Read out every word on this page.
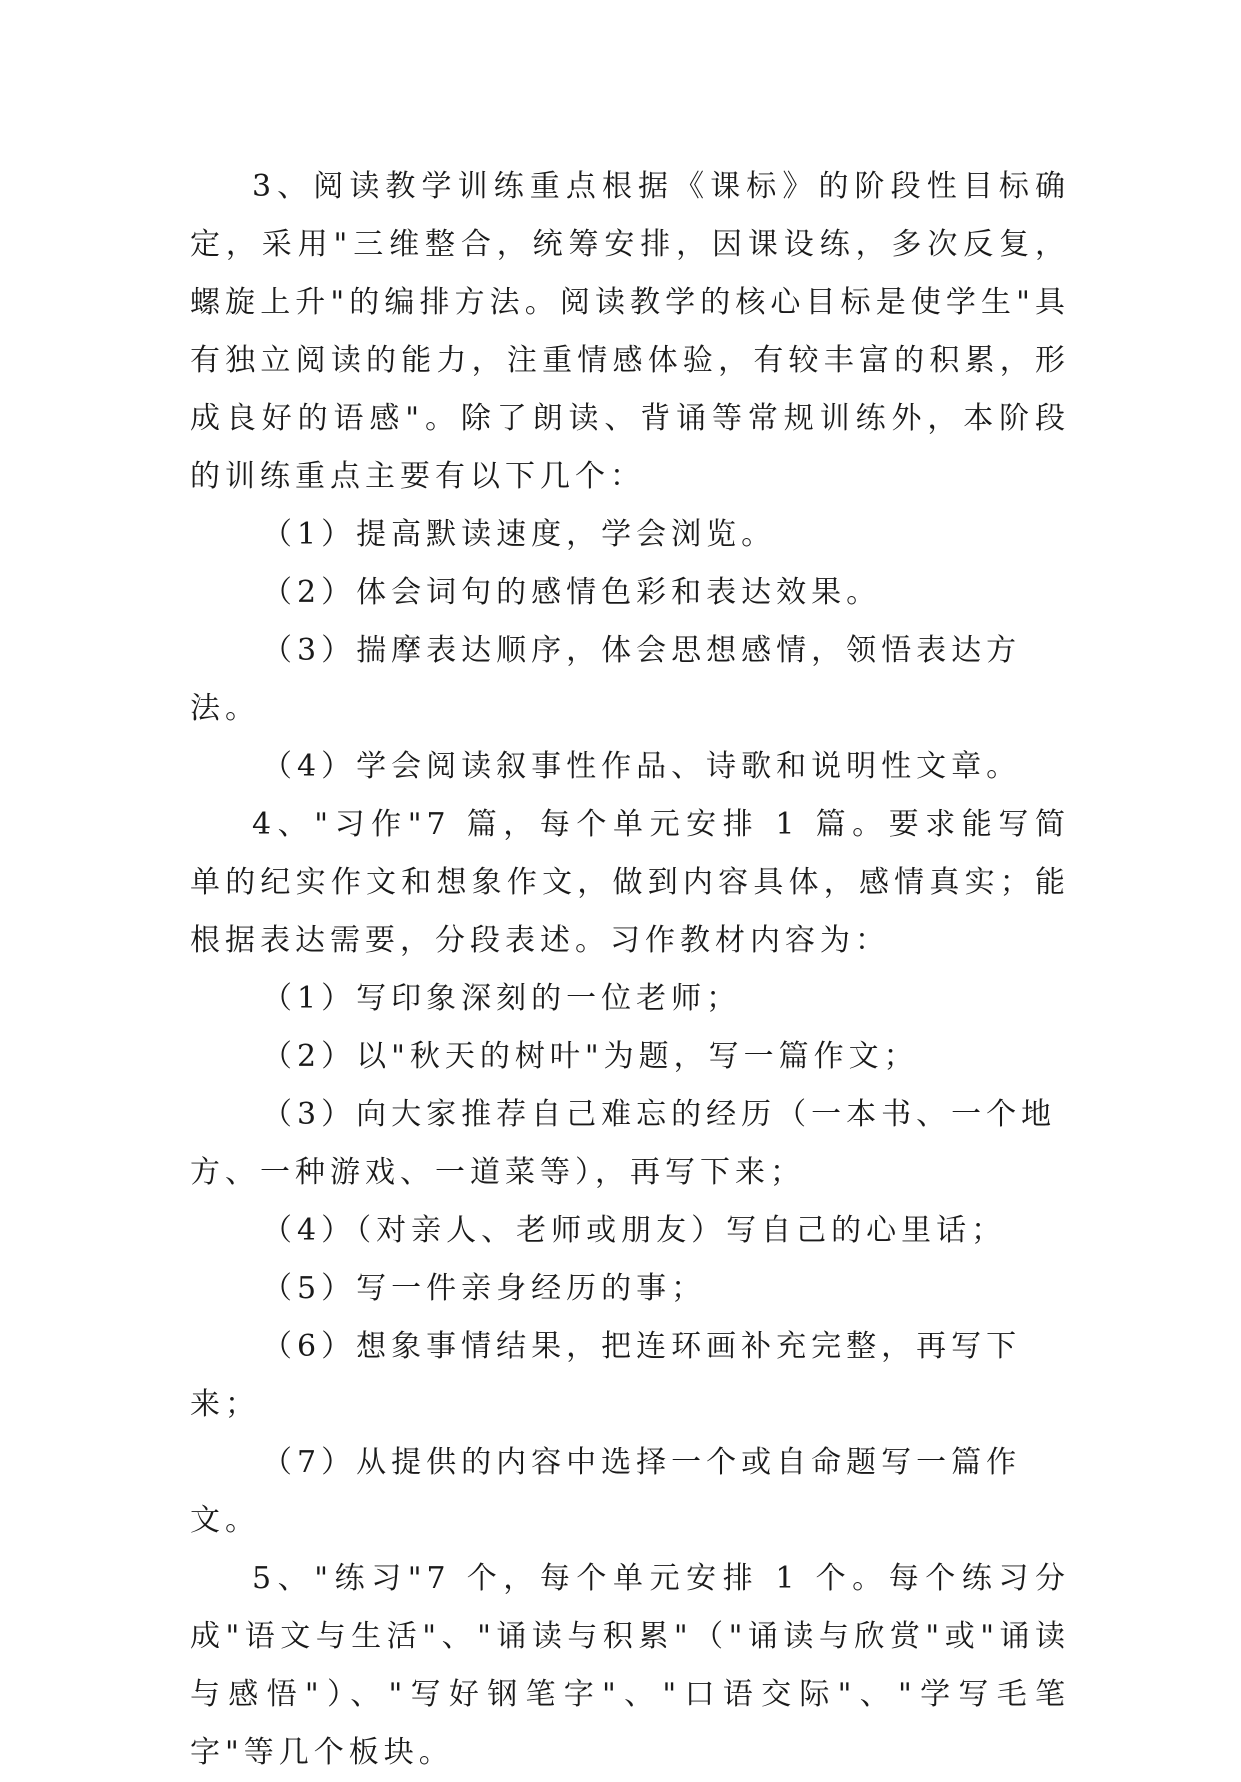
3、阅读教学训练重点根据《课标》的阶段性目标确定，采用"三维整合，统筹安排，因课设练，多次反复，螺旋上升"的编排方法。阅读教学的核心目标是使学生"具有独立阅读的能力，注重情感体验，有较丰富的积累，形成良好的语感"。除了朗读、背诵等常规训练外，本阶段的训练重点主要有以下几个：

（1）提高默读速度，学会浏览。

（2）体会词句的感情色彩和表达效果。

（3）揣摩表达顺序，体会思想感情，领悟表达方法。

（4）学会阅读叙事性作品、诗歌和说明性文章。

4、"习作"7 篇，每个单元安排 1 篇。要求能写简单的纪实作文和想象作文，做到内容具体，感情真实；能根据表达需要，分段表述。习作教材内容为：

（1）写印象深刻的一位老师；

（2）以"秋天的树叶"为题，写一篇作文；

（3）向大家推荐自己难忘的经历（一本书、一个地方、一种游戏、一道菜等），再写下来；

（4）（对亲人、老师或朋友）写自己的心里话；

（5）写一件亲身经历的事；

（6）想象事情结果，把连环画补充完整，再写下来；

（7）从提供的内容中选择一个或自命题写一篇作文。

5、"练习"7 个，每个单元安排 1 个。每个练习分成"语文与生活"、"诵读与积累"（"诵读与欣赏"或"诵读与感悟"）、"写好钢笔字"、"口语交际"、"学写毛笔字"等几个板块。
